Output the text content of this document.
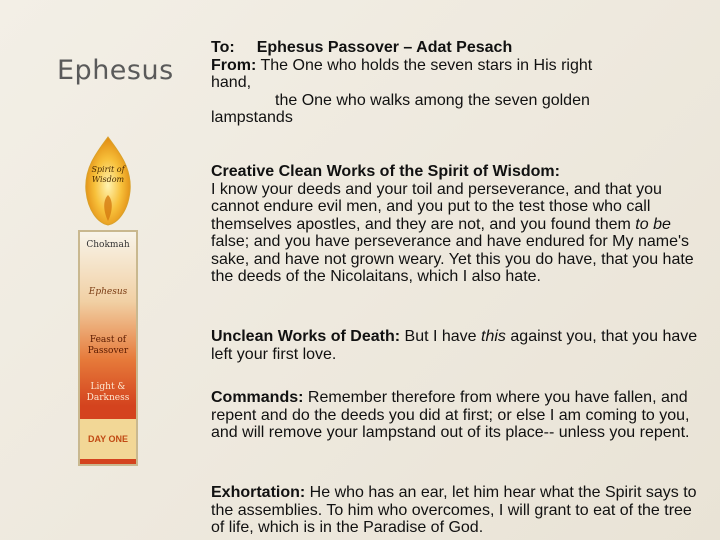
Ephesus
Spirit of Wisdom
Chokmah
Ephesus
Feast of
Passover
Light &
Darkness
DAY ONE
To: Ephesus Passover – Adat Pesach
From: The One who holds the seven stars in His right
hand,
the One who walks among the seven golden
lampstands
Creative Clean Works of the Spirit of Wisdom:
I know your deeds and your toil and perseverance, and that you cannot endure evil men, and you put to the test those who call themselves apostles, and they are not, and you found them to be false; and you have perseverance and have endured for My name's sake, and have not grown weary. Yet this you do have, that you hate the deeds of the Nicolaitans, which I also hate.
Unclean Works of Death: But I have this against you, that you have left your first love.
Commands: Remember therefore from where you have fallen, and repent and do the deeds you did at first; or else I am coming to you, and will remove your lampstand out of its place-- unless you repent.
Exhortation: He who has an ear, let him hear what the Spirit says to the assemblies. To him who overcomes, I will grant to eat of the tree of life, which is in the Paradise of God.
